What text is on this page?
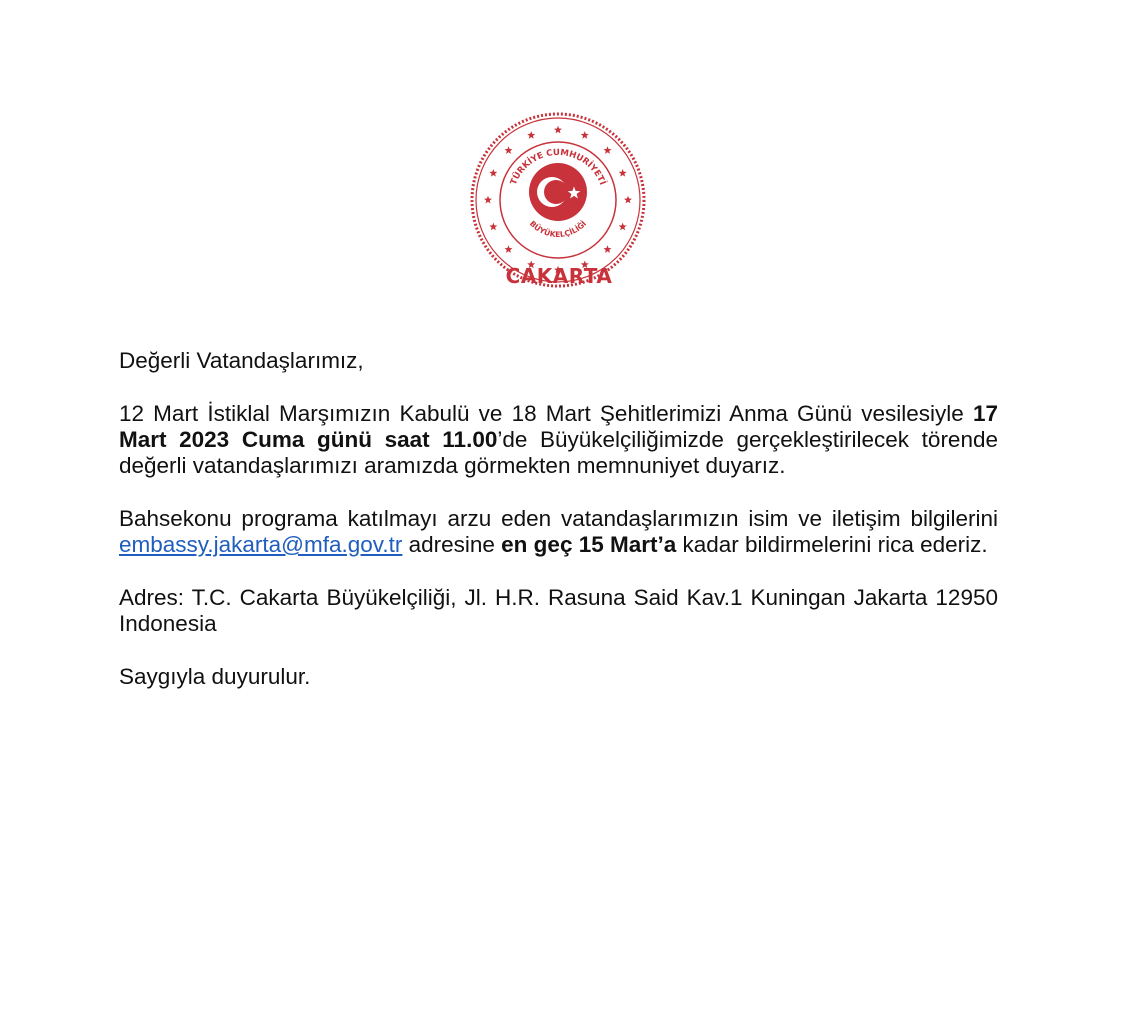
TÜRKİYE CUMHURİYETİ
BÜYÜKELÇİLİĞİ
CAKARTA

Değerli Vatandaşlarımız,

12 Mart İstiklal Marşımızın Kabulü ve 18 Mart Şehitlerimizi Anma Günü vesilesiyle 17 Mart 2023 Cuma günü saat 11.00’de Büyükelçiliğimizde gerçekleştirilecek törende değerli vatandaşlarımızı aramızda görmekten memnuniyet duyarız.

Bahsekonu programa katılmayı arzu eden vatandaşlarımızın isim ve iletişim bilgilerini embassy.jakarta@mfa.gov.tr adresine en geç 15 Mart’a kadar bildirmelerini rica ederiz.

Adres: T.C. Cakarta Büyükelçiliği, Jl. H.R. Rasuna Said Kav.1 Kuningan Jakarta 12950 Indonesia

Saygıyla duyurulur.
